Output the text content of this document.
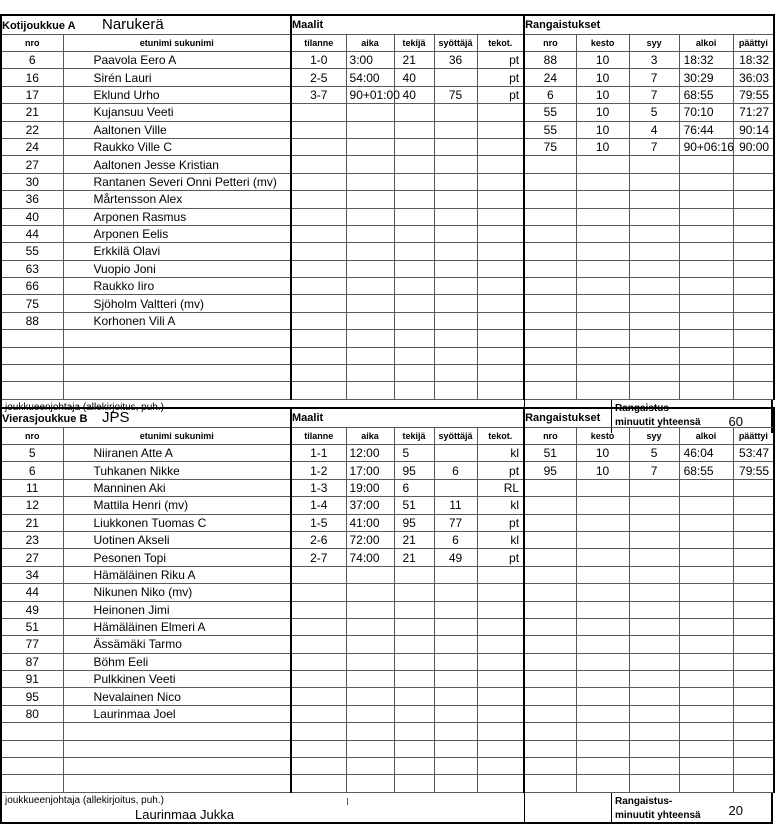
Kotijoukkue A Narukerä		Maalit					Rangaistukset				
nro	etunimi sukunimi	tilanne	aika	tekijä	syöttäjä	tekot.	nro	kesto	syy	alkoi	päättyi
6	Paavola Eero A	1-0	3:00	21	36	pt	88	10	3	18:32	18:32
16	Sirén Lauri	2-5	54:00	40		pt	24	10	7	30:29	36:03
17	Eklund Urho	3-7	90+01:00	40	75	pt	6	10	7	68:55	79:55
21	Kujansuu Veeti						55	10	5	70:10	71:27
22	Aaltonen Ville						55	10	4	76:44	90:14
24	Raukko Ville C						75	10	7	90+06:16	90:00
27	Aaltonen Jesse Kristian										
30	Rantanen Severi Onni Petteri (mv)										
36	Mårtensson Alex										
40	Arponen Rasmus										
44	Arponen Eelis										
55	Erkkilä Olavi										
63	Vuopio Joni										
66	Raukko Iiro										
75	Sjöholm Valtteri (mv)										
88	Korhonen Vili A										

joukkueenjohtaja (allekirjoitus, puh.)	Rangaistus-
minuutit yhteensä	60
Vierasjoukkue B JPS		Maalit					Rangaistukset				
nro	etunimi sukunimi	tilanne	aika	tekijä	syöttäjä	tekot.	nro	kesto	syy	alkoi	päättyi
5	Niiranen Atte A	1-1	12:00	5		kl	51	10	5	46:04	53:47
6	Tuhkanen Nikke	1-2	17:00	95	6	pt	95	10	7	68:55	79:55
11	Manninen Aki	1-3	19:00	6		RL					
12	Mattila Henri (mv)	1-4	37:00	51	11	kl					
21	Liukkonen Tuomas C	1-5	41:00	95	77	pt					
23	Uotinen Akseli	2-6	72:00	21	6	kl					
27	Pesonen Topi	2-7	74:00	21	49	pt					
34	Hämäläinen Riku A										
44	Nikunen Niko (mv)										
49	Heinonen Jimi										
51	Hämäläinen Elmeri A										
77	Ässämäki Tarmo										
87	Böhm Eeli										
91	Pulkkinen Veeti										
95	Nevalainen Nico										
80	Laurinmaa Joel										

joukkueenjohtaja (allekirjoitus, puh.)
Laurinmaa Jukka
Rangaistus-
minuutit yhteensä	20
